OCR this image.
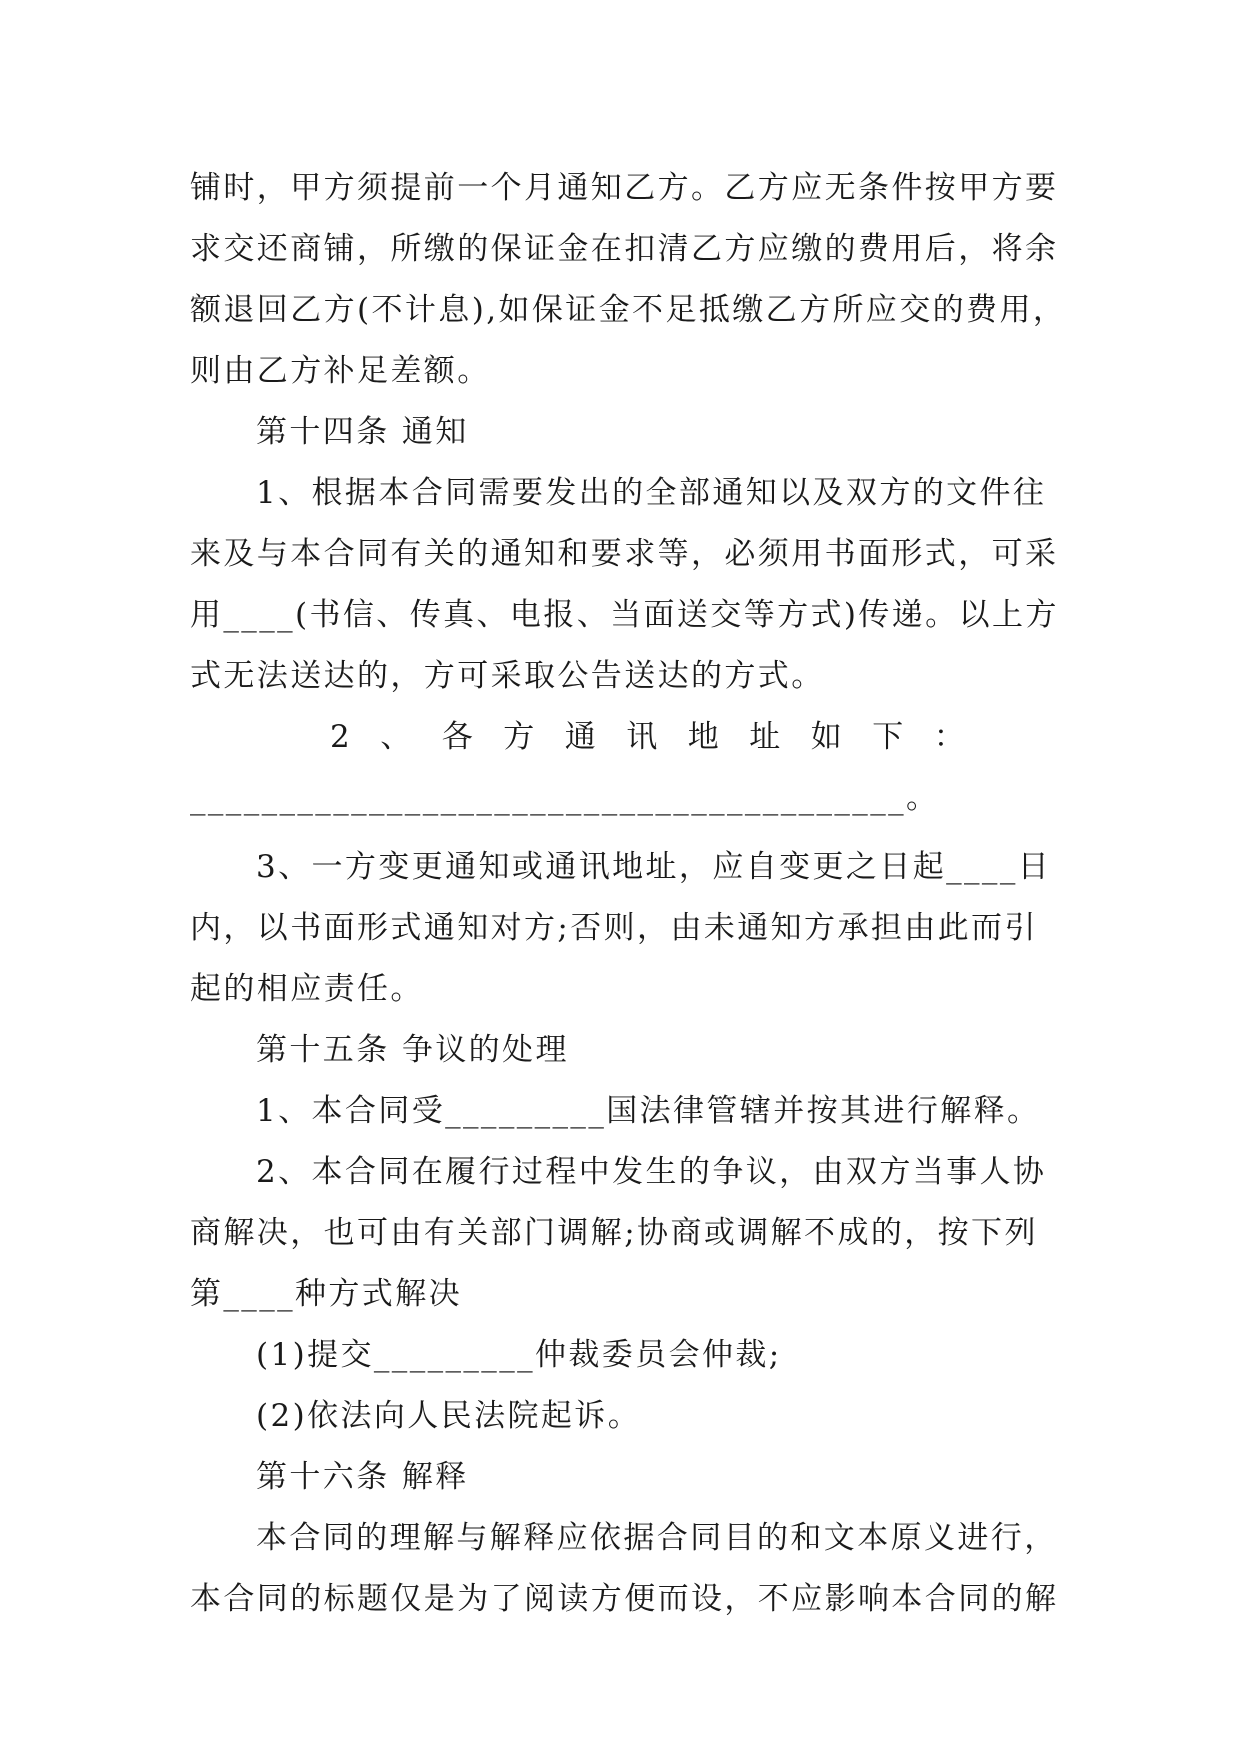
铺时，甲方须提前一个月通知乙方。乙方应无条件按甲方要
求交还商铺，所缴的保证金在扣清乙方应缴的费用后，将余
额退回乙方(不计息),如保证金不足抵缴乙方所应交的费用，
则由乙方补足差额。
第十四条 通知
1、根据本合同需要发出的全部通知以及双方的文件往
来及与本合同有关的通知和要求等，必须用书面形式，可采
用____(书信、传真、电报、当面送交等方式)传递。以上方
式无法送达的，方可采取公告送达的方式。
2、各方通讯地址如下：
________________________________________。
3、一方变更通知或通讯地址，应自变更之日起____日
内，以书面形式通知对方;否则，由未通知方承担由此而引
起的相应责任。
第十五条 争议的处理
1、本合同受_________国法律管辖并按其进行解释。
2、本合同在履行过程中发生的争议，由双方当事人协
商解决，也可由有关部门调解;协商或调解不成的，按下列
第____种方式解决
(1)提交_________仲裁委员会仲裁;
(2)依法向人民法院起诉。
第十六条 解释
本合同的理解与解释应依据合同目的和文本原义进行，
本合同的标题仅是为了阅读方便而设，不应影响本合同的解
